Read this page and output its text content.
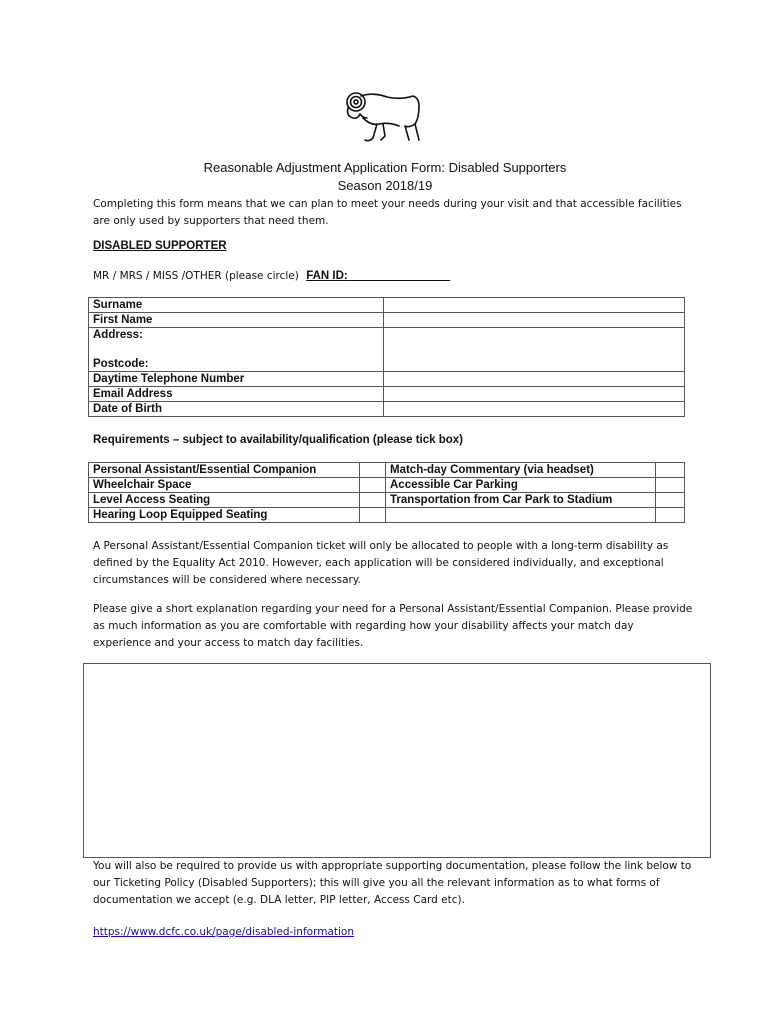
Reasonable Adjustment Application Form: Disabled Supporters
Season 2018/19
Completing this form means that we can plan to meet your needs during your visit and that accessible facilities are only used by supporters that need them.
DISABLED SUPPORTER
MR / MRS / MISS /OTHER (please circle) FAN ID:________________
Surname	
First Name	

Address:
Postcode:	

Daytime Telephone Number	
Email Address	
Date of Birth	
Requirements – subject to availability/qualification (please tick box)
Personal Assistant/Essential Companion		Match-day Commentary (via headset)	
Wheelchair Space		Accessible Car Parking	
Level Access Seating		Transportation from Car Park to Stadium	
Hearing Loop Equipped Seating			
A Personal Assistant/Essential Companion ticket will only be allocated to people with a long-term disability as defined by the Equality Act 2010. However, each application will be considered individually, and exceptional circumstances will be considered where necessary.
Please give a short explanation regarding your need for a Personal Assistant/Essential Companion. Please provide as much information as you are comfortable with regarding how your disability affects your match day experience and your access to match day facilities.
You will also be required to provide us with appropriate supporting documentation, please follow the link below to our Ticketing Policy (Disabled Supporters); this will give you all the relevant information as to what forms of documentation we accept (e.g. DLA letter, PIP letter, Access Card etc).
https://www.dcfc.co.uk/page/disabled-information
